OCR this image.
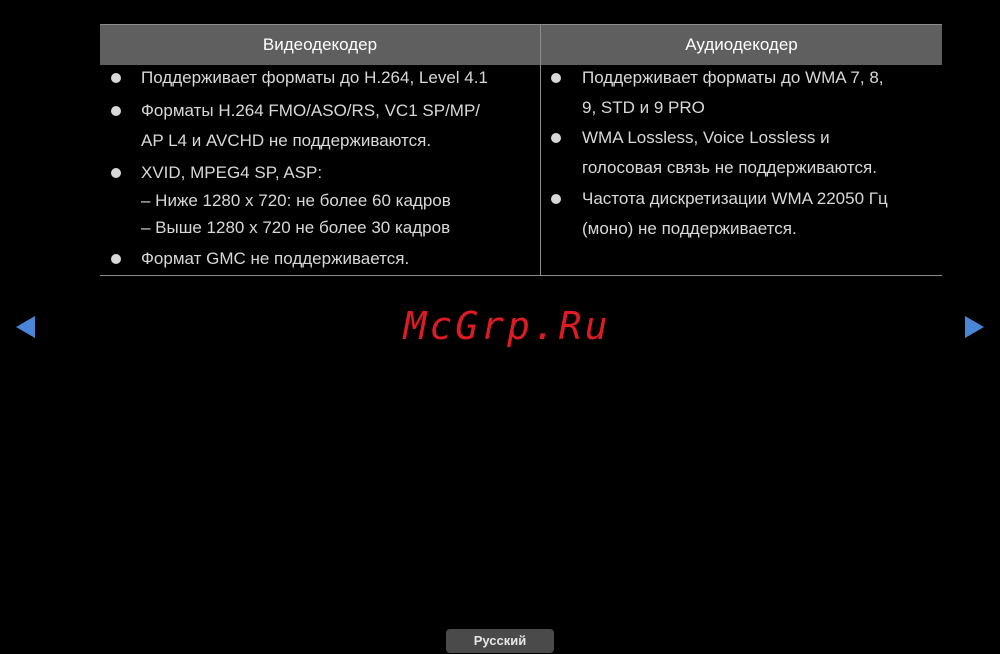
Видеодекодер	Аудиодекодер
Поддерживает форматы до H.264, Level 4.1
Форматы H.264 FMO/ASO/RS, VC1 SP/MP/
AP L4 и AVCHD не поддерживаются.
XVID, MPEG4 SP, ASP:
– Ниже 1280 x 720: не более 60 кадров
– Выше 1280 x 720 не более 30 кадров
Формат GMC не поддерживается.
Поддерживает форматы до WMA 7, 8,
9, STD и 9 PRO
WMA Lossless, Voice Lossless и
голосовая связь не поддерживаются.
Частота дискретизации WMA 22050 Гц
(моно) не поддерживается.
McGrp.Ru
Русский
